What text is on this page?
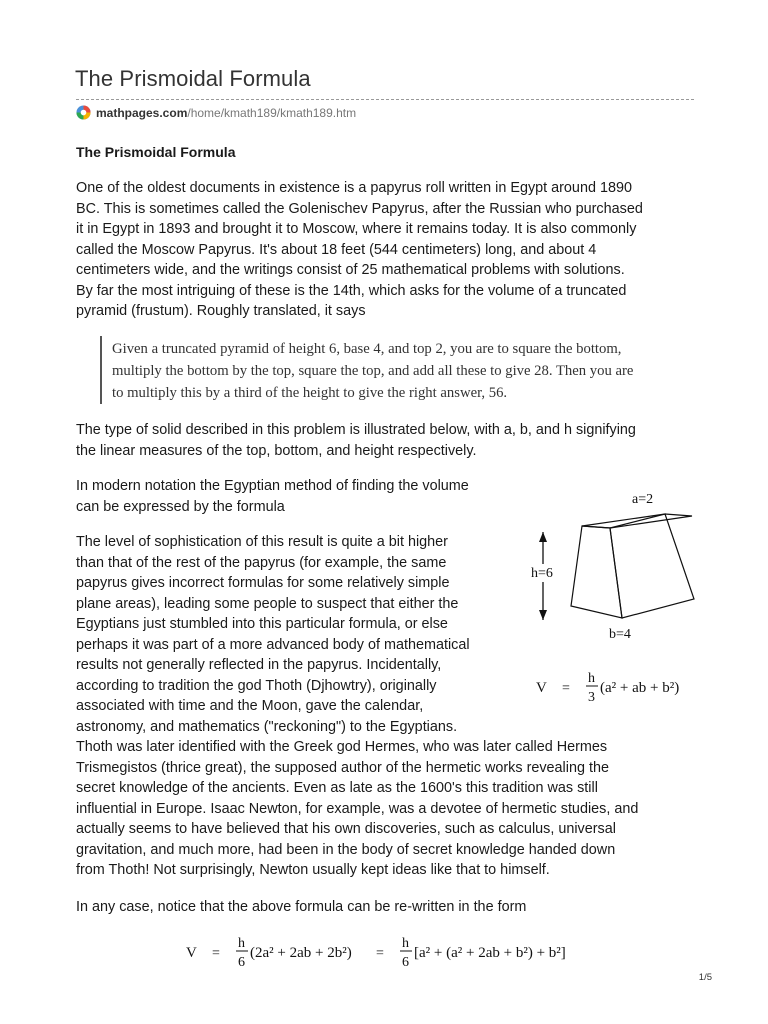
The Prismoidal Formula
mathpages.com /home/kmath189/kmath189.htm
The Prismoidal Formula
One of the oldest documents in existence is a papyrus roll written in Egypt around 1890
BC. This is sometimes called the Golenischev Papyrus, after the Russian who purchased
it in Egypt in 1893 and brought it to Moscow, where it remains today. It is also commonly
called the Moscow Papyrus. It's about 18 feet (544 centimeters) long, and about 4
centimeters wide, and the writings consist of 25 mathematical problems with solutions.
By far the most intriguing of these is the 14th, which asks for the volume of a truncated
pyramid (frustum). Roughly translated, it says
Given a truncated pyramid of height 6, base 4, and top 2, you are to square the bottom,
multiply the bottom by the top, square the top, and add all these to give 28. Then you are
to multiply this by a third of the height to give the right answer, 56.
The type of solid described in this problem is illustrated below, with a, b, and h signifying
the linear measures of the top, bottom, and height respectively.
In modern notation the Egyptian method of finding the volume
can be expressed by the formula
The level of sophistication of this result is quite a bit higher
than that of the rest of the papyrus (for example, the same
papyrus gives incorrect formulas for some relatively simple
plane areas), leading some people to suspect that either the
Egyptians just stumbled into this particular formula, or else
perhaps it was part of a more advanced body of mathematical
results not generally reflected in the papyrus. Incidentally,
according to tradition the god Thoth (Djhowtry), originally
associated with time and the Moon, gave the calendar,
astronomy, and mathematics ("reckoning") to the Egyptians.
Thoth was later identified with the Greek god Hermes, who was later called Hermes
Trismegistos (thrice great), the supposed author of the hermetic works revealing the
secret knowledge of the ancients. Even as late as the 1600's this tradition was still
influential in Europe. Isaac Newton, for example, was a devotee of hermetic studies, and
actually seems to have believed that his own discoveries, such as calculus, universal
gravitation, and much more, had been in the body of secret knowledge handed down
from Thoth! Not surprisingly, Newton usually kept ideas like that to himself.
In any case, notice that the above formula can be re-written in the form
a=2
h=6
b=4
V =
h
3
(a² + ab + b²)
V =
h
6
(2a² + 2ab + 2b²) =
h
6
[a² + (a² + 2ab + b²) + b²]
1/5
